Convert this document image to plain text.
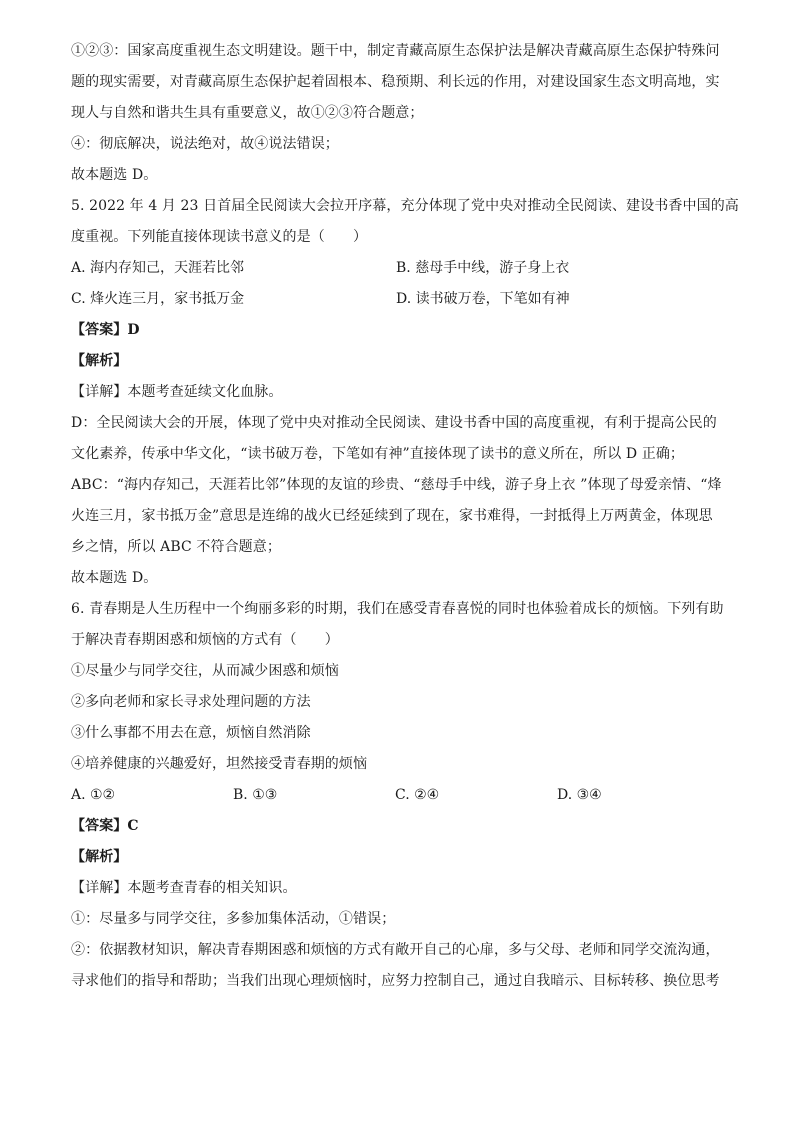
①②③：国家高度重视生态文明建设。题干中，制定青藏高原生态保护法是解决青藏高原生态保护特殊问
题的现实需要，对青藏高原生态保护起着固根本、稳预期、利长远的作用，对建设国家生态文明高地，实
现人与自然和谐共生具有重要意义，故①②③符合题意；
④：彻底解决，说法绝对，故④说法错误；
故本题选 D。
5. 2022 年 4 月 23 日首届全民阅读大会拉开序幕，充分体现了党中央对推动全民阅读、建设书香中国的高
度重视。下列能直接体现读书意义的是（　　）
A. 海内存知己，天涯若比邻	B. 慈母手中线，游子身上衣
C. 烽火连三月，家书抵万金	D. 读书破万卷，下笔如有神
【答案】D
【解析】
【详解】本题考查延续文化血脉。
D：全民阅读大会的开展，体现了党中央对推动全民阅读、建设书香中国的高度重视，有利于提高公民的
文化素养，传承中华文化，“读书破万卷，下笔如有神”直接体现了读书的意义所在，所以 D 正确；
ABC：“海内存知己，天涯若比邻”体现的友谊的珍贵、“慈母手中线，游子身上衣 ”体现了母爱亲情、“烽
火连三月，家书抵万金”意思是连绵的战火已经延续到了现在，家书难得，一封抵得上万两黄金，体现思
乡之情，所以 ABC 不符合题意；
故本题选 D。
6. 青春期是人生历程中一个绚丽多彩的时期，我们在感受青春喜悦的同时也体验着成长的烦恼。下列有助
于解决青春期困惑和烦恼的方式有（　　）
①尽量少与同学交往，从而减少困惑和烦恼
②多向老师和家长寻求处理问题的方法
③什么事都不用去在意，烦恼自然消除
④培养健康的兴趣爱好，坦然接受青春期的烦恼
A. ①②	B. ①③	C. ②④	D. ③④
【答案】C
【解析】
【详解】本题考查青春的相关知识。
①：尽量多与同学交往，多参加集体活动，①错误；
②：依据教材知识，解决青春期困惑和烦恼的方式有敞开自己的心扉，多与父母、老师和同学交流沟通，
寻求他们的指导和帮助；当我们出现心理烦恼时，应努力控制自己，通过自我暗示、目标转移、换位思考
